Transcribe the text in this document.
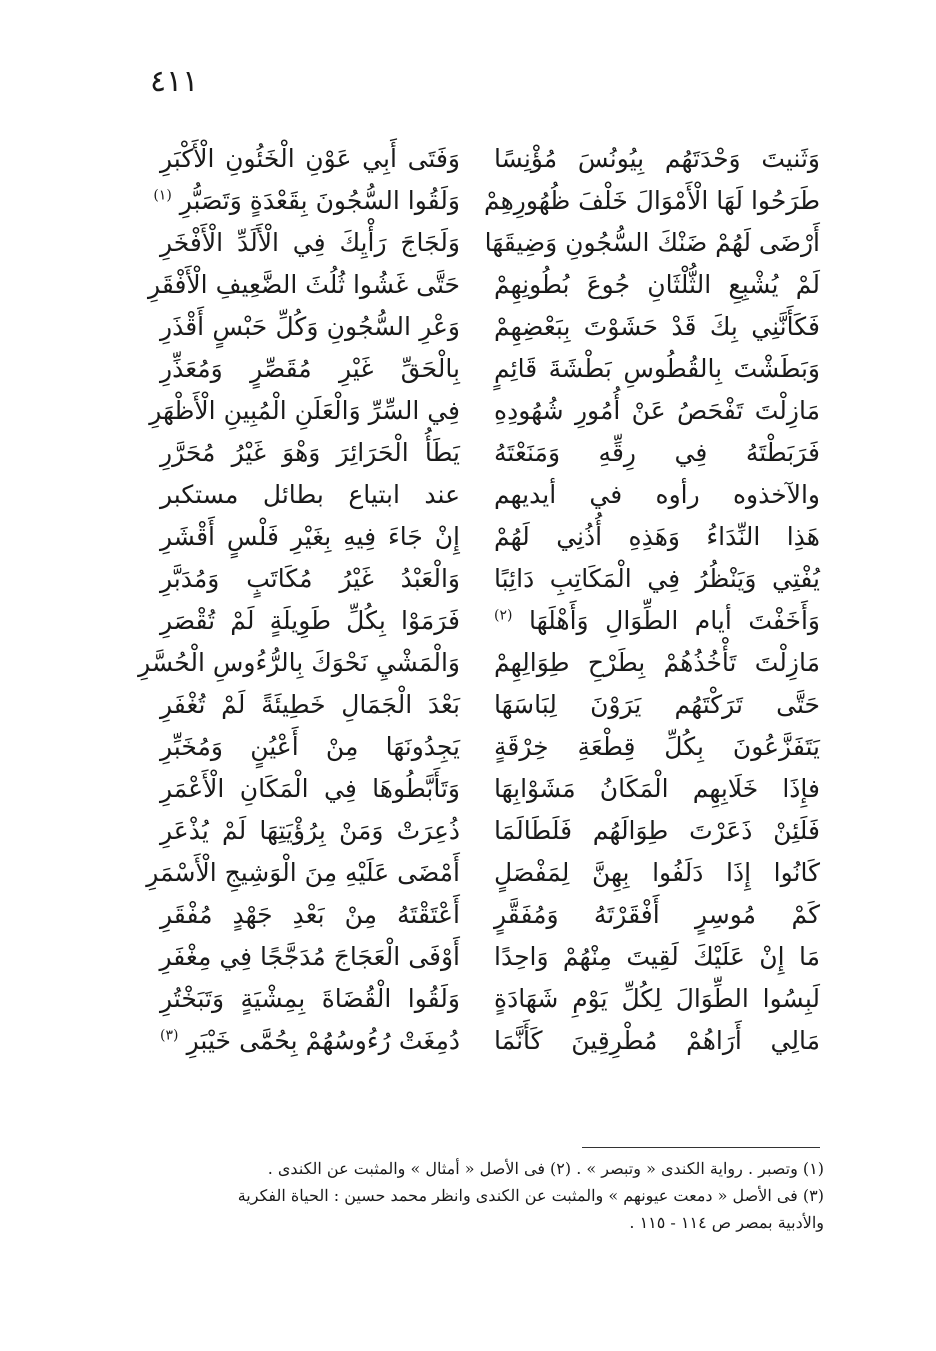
٤١١
وَثَنيتَ وَحْدَتَهُم بِيُونُسَ مُؤْنِسًا
طَرَحُوا لَهَا الْأَمْوَالَ خَلْفَ ظُهُورِهِمْ
أَرْضَى لَهُمْ ضَنْكَ السُّجُونِ وَضِيقَهَا
لَمْ يُشْبِعِ الثُّلْثَانِ جُوعَ بُطُونِهِمْ
فَكَأَنَّنِي بِكَ قَدْ حَشَوْتَ بِبَعْضِهِمْ
وَبَطَشْتَ بِالقُطُوسِ بَطْشَةَ قَائِمٍ
مَازِلْتَ تَفْحَصُ عَنْ أُمُورِ شُهُودِهِ
فَرَبَطْتَهُ فِي رِقِّهِ وَمَنَعْتَهُ
والآخذوه رأوه في أيديهم
هَذِا النِّدَاءُ وَهَذِهِ أُذُنِي لَهُمْ
يُفْتِي وَيَنْظُرُ فِي الْمَكَاتِبِ دَائِبًا
وَأَخَفْتَ أيام الطِّوَالِ وَأَهْلَهَا $^{(٢)}$
مَازِلْتَ تَأْخُذُهُمْ بِطَرْحِ طِوَالِهِمْ
حَتَّى تَرَكْتَهُم يَرَوْنَ لِبَاسَهَا
يَتَفَزَّعُونَ بِكُلِّ قِطْعَةِ خِرْقَةٍ
فإِذَا خَلَابِهِم الْمَكَانُ مَشَوْابِهَا
فَلَئِنْ ذَعَرْتَ طِوَالَهُم فَلَطَالَمَا
كَانُوا إِذَا دَلَفُوا بِهِنَّ لِمَفْصَلٍ
كَمْ مُوسِرٍ أَفْقَرْتَهُ وَمُفَقَّرٍ
مَا إِنْ عَلَيْكَ لَقِيتَ مِنْهُمْ وَاحِدًا
لَبِسُوا الطِّوَالَ لِكُلِّ يَوْمِ شَهَادَةٍ
مَالِي أَرَاهُمْ مُطْرِقِينَ كَأَنَّمَا
وَفَتَى أَبِي عَوْنِ الْخَئُونِ الْأَكْبَرِ
وَلَقُوا السُّجُونَ بِقَعْدَةٍ وَتَصَبُّرِ $^{(١)}$
وَلَجَاجَ رَأْيِكَ فِي الْأَلَدِّ الْأَفْخَرِ
حَتَّى غَشُوا ثُلُثَ الضَّعِيفِ الْأَفْقَرِ
وَعْرِ السُّجُونِ وَكُلِّ حَبْسٍ أَقْذَرِ
بِالْحَقِّ غَيْرِ مُقَصِّرٍ وَمُعَذِّرِ
فِي السِّرِّ وَالْعَلَنِ الْمُبِينِ الْأَظْهَرِ
يَطَأُ الْحَرَائِرَ وَهْوَ غَيْرُ مُحَرَّرِ
عند ابتياع بطائل مستكبر
إِنْ جَاءَ فِيهِ بِغَيْرِ فَلْسٍ أَقْشَرِ
وَالْعَبْدُ غَيْرُ مُكَاتَبٍ وَمُدَبَّرِ
فَرَمَوْا بِكُلِّ طَوِيلَةٍ لَمْ تُقْصَرِ
وَالْمَشْيِ نَحْوَكَ بِالرُّءُوسِ الْحُسَّرِ
بَعْدَ الْجَمَالِ خَطِيئَةً لَمْ تُغْفَرِ
يَجِدُونَهَا مِنْ أَعْيُنٍ وَمُخَبِّرِ
وَتَأَبَّطُوهَا فِي الْمَكَانِ الْأَعْمَرِ
ذُعِرَتْ وَمَنْ بِرُؤْيَتِهَا لَمْ يُذْعَرِ
أَمْضَى عَلَيْهِ مِنَ الْوَشِيجِ الْأَسْمَرِ
أَعْتَقْتَهُ مِنْ بَعْدِ جَهْدٍ مُفْقَرِ
أَوْفَى الْعَجَاجَ مُدَجَّجًا فِي مِغْفَرِ
وَلَقُوا الْقُضَاةَ بِمِشْيَةٍ وَتَبَخْتُرِ
دُمِغَتْ رُءُوسُهُمْ بِحُمَّى خَيْبَرِ $^{(٣)}$
(١) وتصبر . رواية الكندى « وتبصر » . (٢) فى الأصل « أمثال » والمثبت عن الكندى .
(٣) فى الأصل « دمعت عيونهم » والمثبت عن الكندى وانظر محمد حسين : الحياة الفكرية
والأدبية بمصر ص ١١٤ - ١١٥ .
